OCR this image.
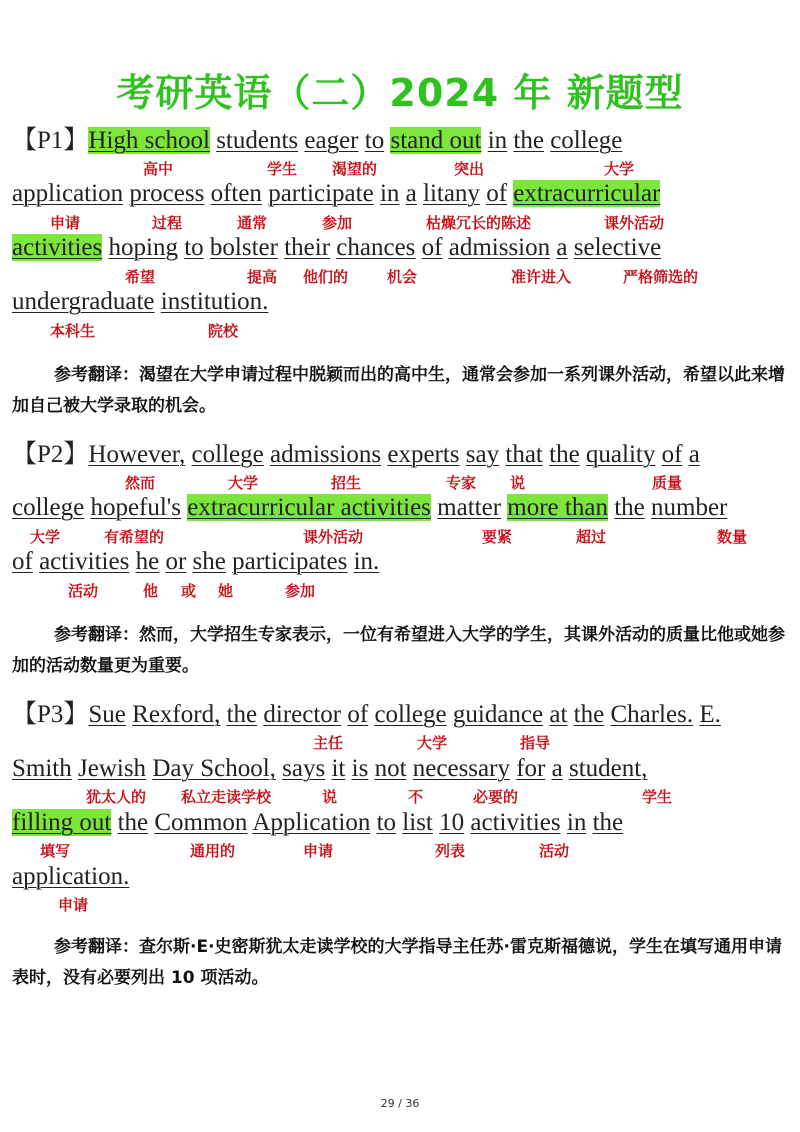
考研英语（二）2024 年 新题型
【P1】High school students eager to stand out in the college
高中	学生 渴望的	突出	大学
application process often participate in a litany of extracurricular
申请	过程	通常	参加	枯燥冗长的陈述	课外活动
activities hoping to bolster their chances of admission a selective
希望	提高 他们的	机会	准许进入	严格筛选的
undergraduate institution.
本科生	院校
参考翻译：渴望在大学申请过程中脱颖而出的高中生，通常会参加一系列课外活动，希望以此来增加自己被大学录取的机会。
【P2】However, college admissions experts say that the quality of a
然而	大学	招生	专家 说	质量
college hopeful's extracurricular activities matter more than the number
大学	有希望的	课外活动	要紧	超过	数量
of activities he or she participates in.
活动	他 或 她	参加
参考翻译：然而，大学招生专家表示，一位有希望进入大学的学生，其课外活动的质量比他或她参加的活动数量更为重要。
【P3】Sue Rexford, the director of college guidance at the Charles. E.
主任	大学	指导
Smith Jewish Day School, says it is not necessary for a student,
犹太人的 私立走读学校	说	不	必要的	学生
filling out the Common Application to list 10 activities in the
填写	通用的	申请	列表	活动
application.
申请
参考翻译：查尔斯·E·史密斯犹太走读学校的大学指导主任苏·雷克斯福德说，学生在填写通用申请表时，没有必要列出 10 项活动。
29 / 36
